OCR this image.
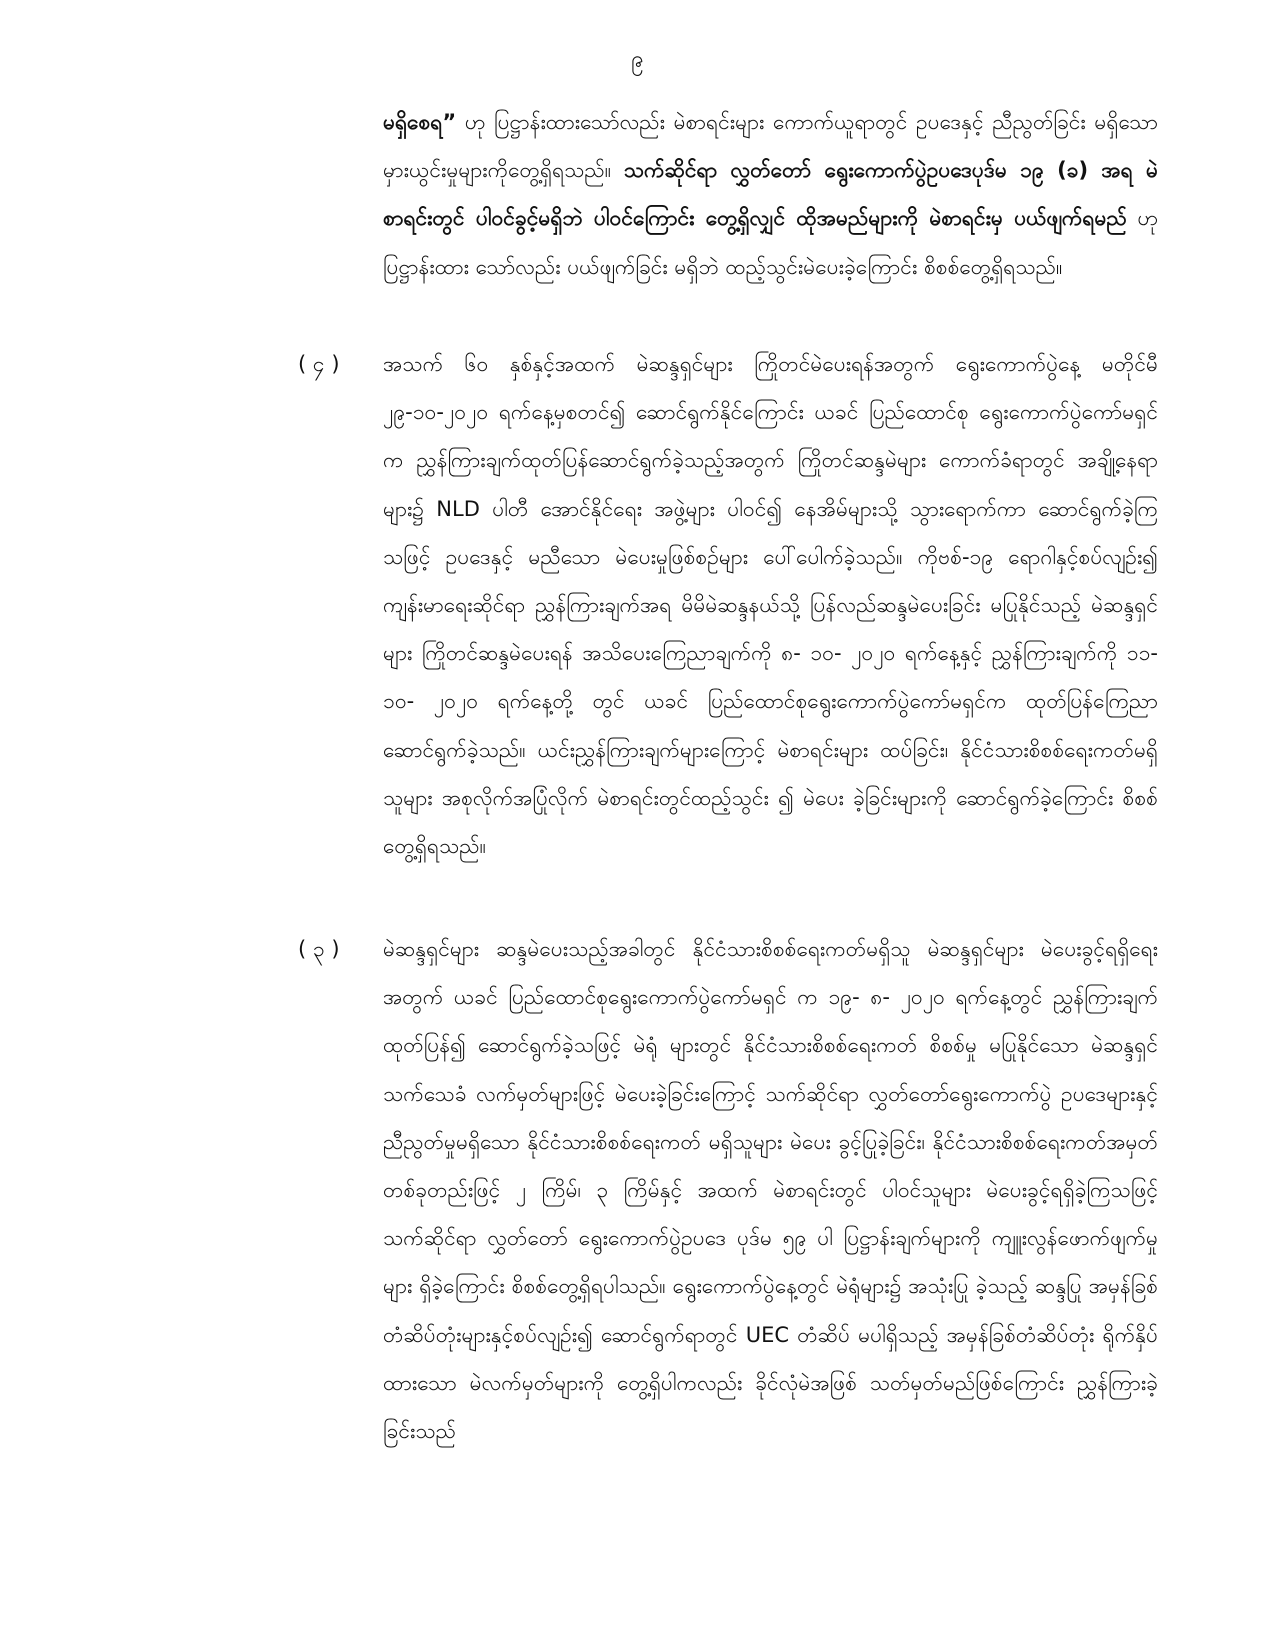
၉
မရှိစေရ” ဟု ပြဋ္ဌာန်းထားသော်လည်း မဲစာရင်းများ ကောက်ယူရာတွင် ဥပဒေနှင့် ညီညွတ်ခြင်း မရှိသော မှားယွင်းမှုများကိုတွေ့ရှိရသည်။ သက်ဆိုင်ရာ လွှတ်တော် ရွေးကောက်ပွဲဥပဒေပုဒ်မ ၁၉ (ခ) အရ မဲစာရင်းတွင် ပါဝင်ခွင့်မရှိဘဲ ပါဝင်ကြောင်း တွေ့ရှိလျှင် ထိုအမည်များကို မဲစာရင်းမှ ပယ်ဖျက်ရမည် ဟု ပြဋ္ဌာန်းထား သော်လည်း ပယ်ဖျက်ခြင်း မရှိဘဲ ထည့်သွင်းမဲပေးခဲ့ကြောင်း စိစစ်တွေ့ရှိရသည်။
( ၄ ) အသက် ၆၀ နှစ်နှင့်အထက် မဲဆန္ဒရှင်များ ကြိုတင်မဲပေးရန်အတွက် ရွေးကောက်ပွဲနေ့ မတိုင်မီ ၂၉-၁၀-၂၀၂၀ ရက်နေ့မှစတင်၍ ဆောင်ရွက်နိုင်ကြောင်း ယခင် ပြည်ထောင်စု ရွေးကောက်ပွဲကော်မရှင်က ညွှန်ကြားချက်ထုတ်ပြန်ဆောင်ရွက်ခဲ့သည့်အတွက် ကြိုတင်ဆန္ဒမဲများ ကောက်ခံရာတွင် အချို့နေရာများ၌ NLD ပါတီ အောင်နိုင်ရေး အဖွဲ့များ ပါဝင်၍ နေအိမ်များသို့ သွားရောက်ကာ ဆောင်ရွက်ခဲ့ကြသဖြင့် ဥပဒေနှင့် မညီသော မဲပေးမှုဖြစ်စဉ်များ ပေါ်ပေါက်ခဲ့သည်။ ကိုဗစ်-၁၉ ရောဂါနှင့်စပ်လျဉ်း၍ ကျန်းမာရေးဆိုင်ရာ ညွှန်ကြားချက်အရ မိမိမဲဆန္ဒနယ်သို့ ပြန်လည်ဆန္ဒမဲပေးခြင်း မပြုနိုင်သည့် မဲဆန္ဒရှင်များ ကြိုတင်ဆန္ဒမဲပေးရန် အသိပေးကြေညာချက်ကို ၈- ၁၀- ၂၀၂၀ ရက်နေ့နှင့် ညွှန်ကြားချက်ကို ၁၁- ၁၀- ၂၀၂၀ ရက်နေ့တို့ တွင် ယခင် ပြည်ထောင်စုရွေးကောက်ပွဲကော်မရှင်က ထုတ်ပြန်ကြေညာ ဆောင်ရွက်ခဲ့သည်။ ယင်းညွှန်ကြားချက်များကြောင့် မဲစာရင်းများ ထပ်ခြင်း၊ နိုင်ငံသားစိစစ်ရေးကတ်မရှိသူများ အစုလိုက်အပြုံလိုက် မဲစာရင်းတွင်ထည့်သွင်း ၍ မဲပေး ခဲ့ခြင်းများကို ဆောင်ရွက်ခဲ့ကြောင်း စိစစ်တွေ့ရှိရသည်။
( ၃ ) မဲဆန္ဒရှင်များ ဆန္ဒမဲပေးသည့်အခါတွင် နိုင်ငံသားစိစစ်ရေးကတ်မရှိသူ မဲဆန္ဒရှင်များ မဲပေးခွင့်ရရှိရေးအတွက် ယခင် ပြည်ထောင်စုရွေးကောက်ပွဲကော်မရှင် က ၁၉- ၈- ၂၀၂၀ ရက်နေ့တွင် ညွှန်ကြားချက်ထုတ်ပြန်၍ ဆောင်ရွက်ခဲ့သဖြင့် မဲရုံ များတွင် နိုင်ငံသားစိစစ်ရေးကတ် စိစစ်မှု မပြုနိုင်သော မဲဆန္ဒရှင်သက်သေခံ လက်မှတ်များဖြင့် မဲပေးခဲ့ခြင်းကြောင့် သက်ဆိုင်ရာ လွှတ်တော်ရွေးကောက်ပွဲ ဥပဒေများနှင့် ညီညွတ်မှုမရှိသော နိုင်ငံသားစိစစ်ရေးကတ် မရှိသူများ မဲပေး ခွင့်ပြုခဲ့ခြင်း၊ နိုင်ငံသားစိစစ်ရေးကတ်အမှတ် တစ်ခုတည်းဖြင့် ၂ ကြိမ်၊ ၃ ကြိမ်နှင့် အထက် မဲစာရင်းတွင် ပါဝင်သူများ မဲပေးခွင့်ရရှိခဲ့ကြသဖြင့် သက်ဆိုင်ရာ လွှတ်တော် ရွေးကောက်ပွဲဥပဒေ ပုဒ်မ ၅၉ ပါ ပြဋ္ဌာန်းချက်များကို ကျူးလွန်ဖောက်ဖျက်မှုများ ရှိခဲ့ကြောင်း စိစစ်တွေ့ရှိရပါသည်။ ရွေးကောက်ပွဲနေ့တွင် မဲရုံများ၌ အသုံးပြု ခဲ့သည့် ဆန္ဒပြု အမှန်ခြစ်တံဆိပ်တုံးများနှင့်စပ်လျဉ်း၍ ဆောင်ရွက်ရာတွင် UEC တံဆိပ် မပါရှိသည့် အမှန်ခြစ်တံဆိပ်တုံး ရိုက်နှိပ်ထားသော မဲလက်မှတ်များကို တွေ့ရှိပါကလည်း ခိုင်လုံမဲအဖြစ် သတ်မှတ်မည်ဖြစ်ကြောင်း ညွှန်ကြားခဲ့ခြင်းသည်
